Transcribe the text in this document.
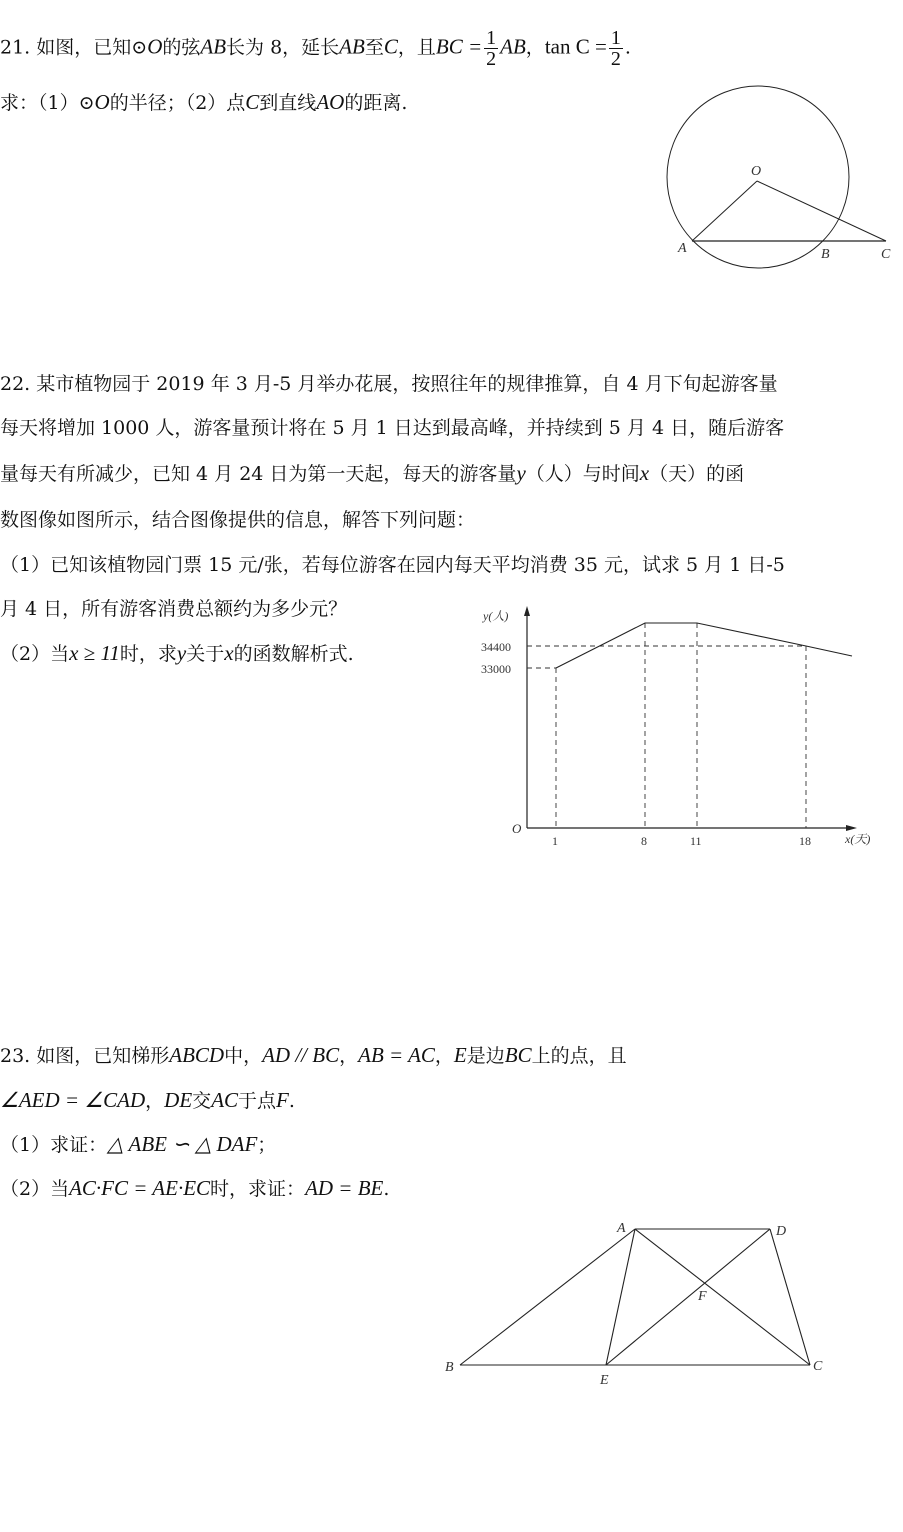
21. 如图，已知⊙O的弦AB长为 8，延长AB至C，且BC = $\frac{1}{2}$ AB，$\tan C = \frac{1}{2}$ .
求：（1）⊙O的半径；（2）点C到直线AO的距离.
O
A	B	C
22. 某市植物园于 2019 年 3 月-5 月举办花展，按照往年的规律推算，自 4 月下旬起游客量
每天将增加 1000 人，游客量预计将在 5 月 1 日达到最高峰，并持续到 5 月 4 日，随后游客
量每天有所减少，已知 4 月 24 日为第一天起，每天的游客量y（人）与时间x（天）的函
数图像如图所示，结合图像提供的信息，解答下列问题：
（1）已知该植物园门票 15 元/张，若每位游客在园内每天平均消费 35 元，试求 5 月 1 日-5
月 4 日，所有游客消费总额约为多少元？
（2）当x ≥ 11时，求y关于x的函数解析式.
y(人)
34400
33000
O
1	8	11	18	x(天)
23. 如图，已知梯形ABCD中，AD // BC，AB = AC，E是边BC上的点，且
∠AED = ∠CAD，DE交AC于点F.
（1）求证：△ ABE ∽ △ DAF；
（2）当AC·FC = AE·EC时，求证：AD = BE.
A	D
B
E
C
F
